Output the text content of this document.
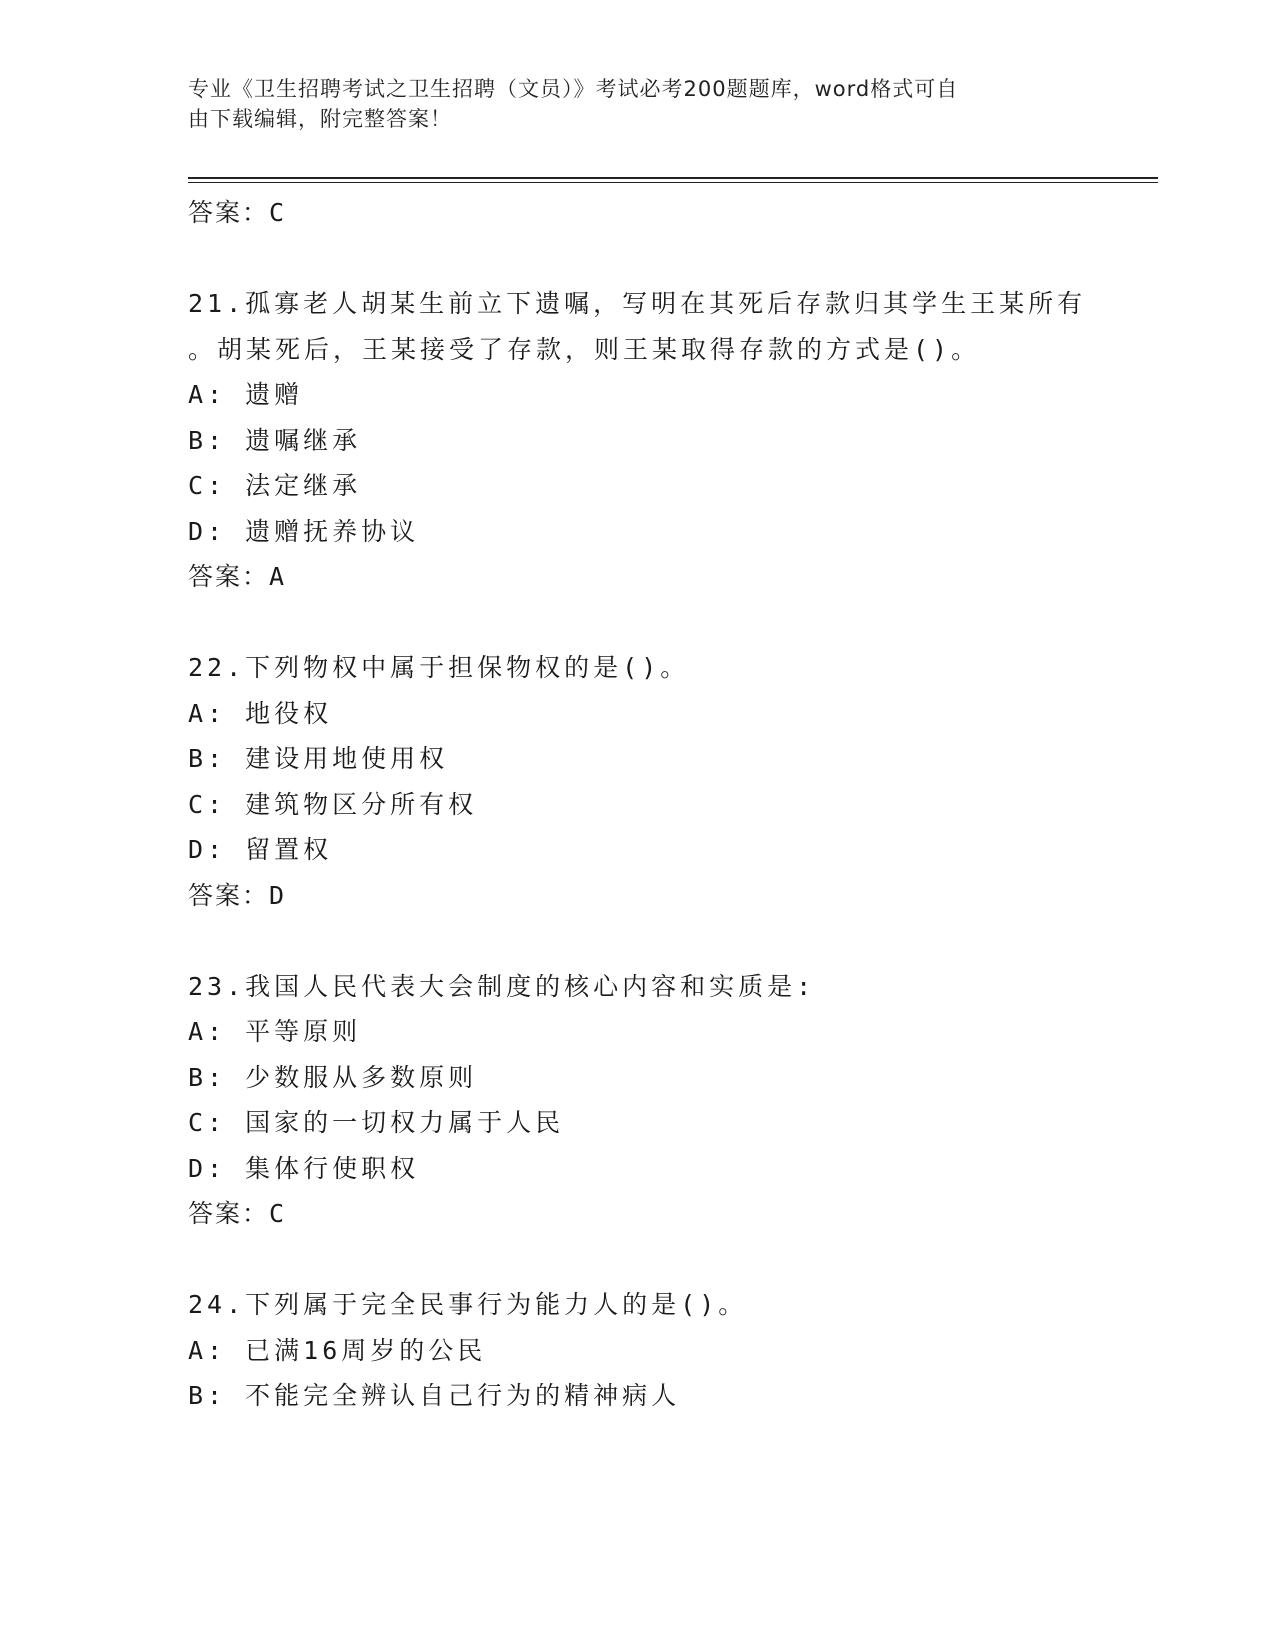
专业《卫生招聘考试之卫生招聘（文员）》考试必考200题题库，word格式可自
由下载编辑，附完整答案！
答案：C
21.孤寡老人胡某生前立下遗嘱，写明在其死后存款归其学生王某所有
。胡某死后，王某接受了存款，则王某取得存款的方式是()。
A: 遗赠
B: 遗嘱继承
C: 法定继承
D: 遗赠抚养协议
答案：A
22.下列物权中属于担保物权的是()。
A: 地役权
B: 建设用地使用权
C: 建筑物区分所有权
D: 留置权
答案：D
23.我国人民代表大会制度的核心内容和实质是:
A: 平等原则
B: 少数服从多数原则
C: 国家的一切权力属于人民
D: 集体行使职权
答案：C
24.下列属于完全民事行为能力人的是()。
A: 已满16周岁的公民
B: 不能完全辨认自己行为的精神病人
